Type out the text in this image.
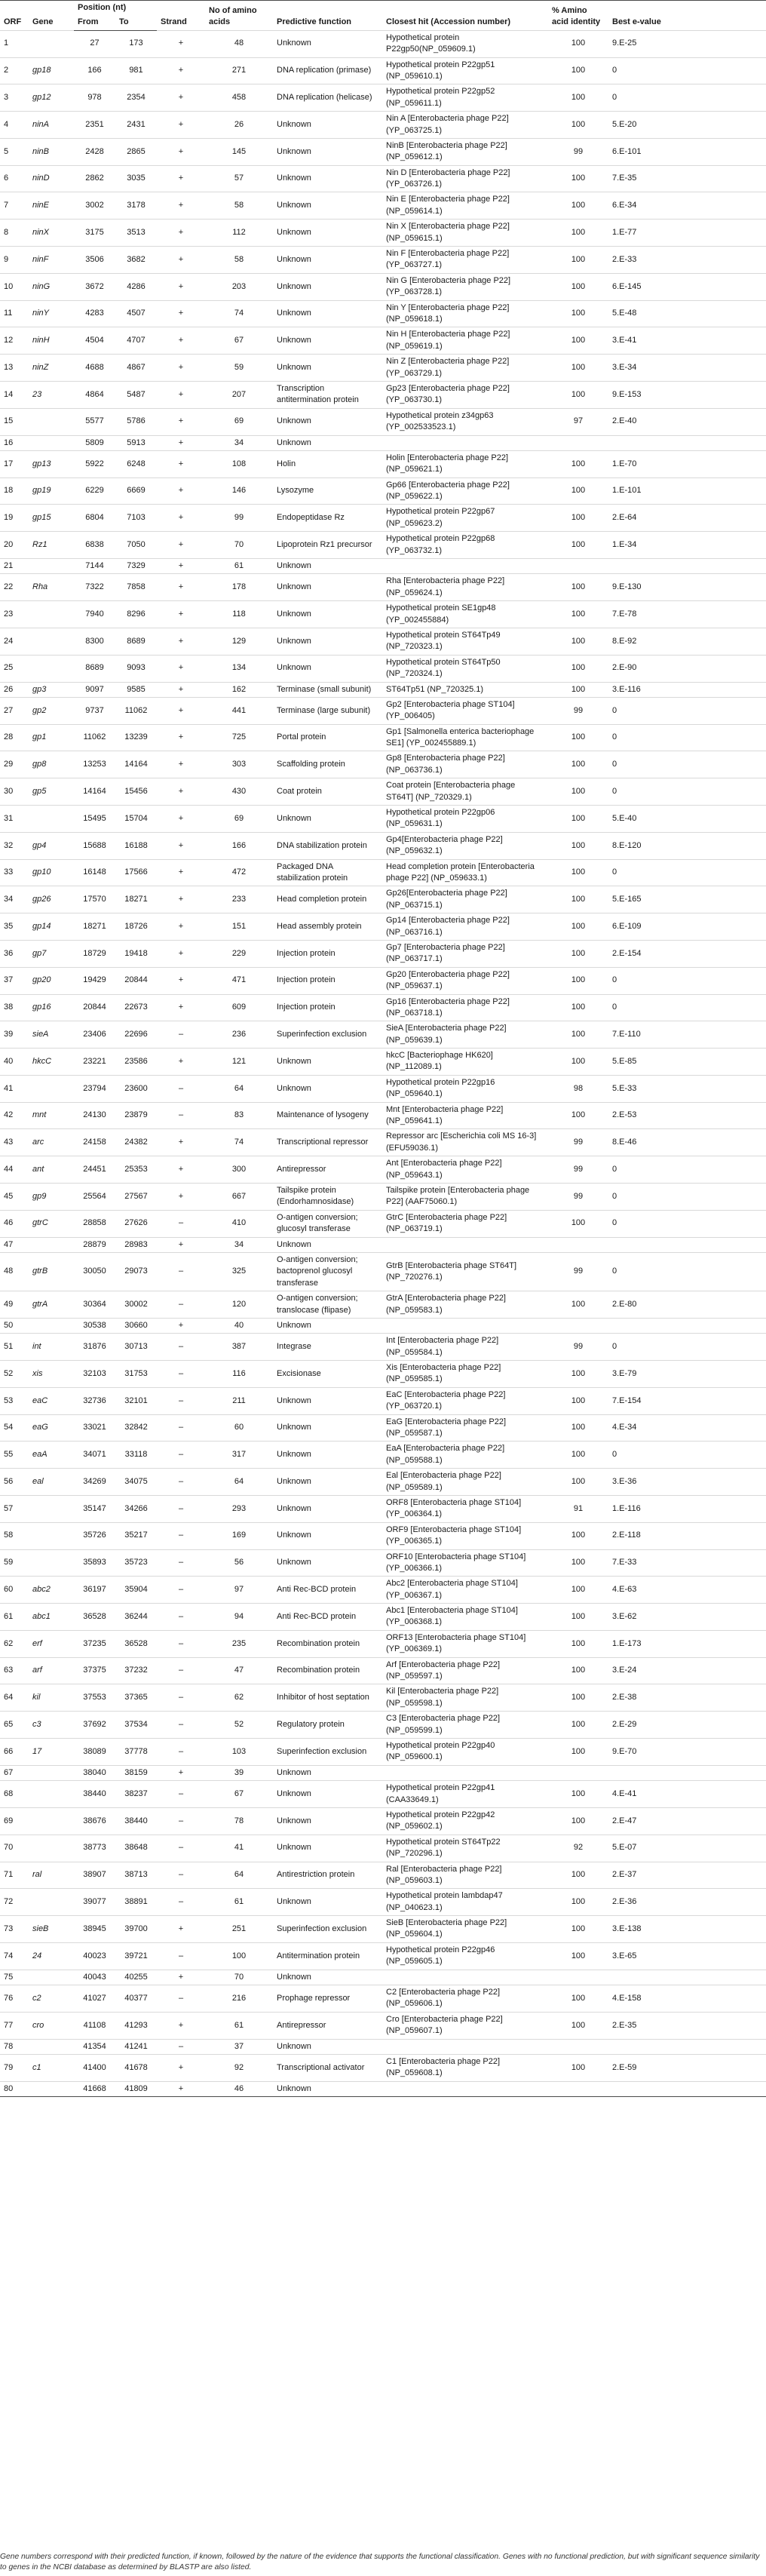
ORF	Gene	Position (nt)		Strand	No of amino acids	Predictive function	Closest hit (Accession number)	% Amino acid identity	Best e-value
		From	To						
1		27	173	+	48	Unknown	Hypothetical protein P22gp50(NP_059609.1)	100	9.E-25
2	gp18	166	981	+	271	DNA replication (primase)	Hypothetical protein P22gp51 (NP_059610.1)	100	0
3	gp12	978	2354	+	458	DNA replication (helicase)	Hypothetical protein P22gp52 (NP_059611.1)	100	0
4	ninA	2351	2431	+	26	Unknown	Nin A [Enterobacteria phage P22] (YP_063725.1)	100	5.E-20
5	ninB	2428	2865	+	145	Unknown	NinB [Enterobacteria phage P22] (NP_059612.1)	99	6.E-101
6	ninD	2862	3035	+	57	Unknown	Nin D [Enterobacteria phage P22] (YP_063726.1)	100	7.E-35
7	ninE	3002	3178	+	58	Unknown	Nin E [Enterobacteria phage P22] (NP_059614.1)	100	6.E-34
8	ninX	3175	3513	+	112	Unknown	Nin X [Enterobacteria phage P22] (NP_059615.1)	100	1.E-77
9	ninF	3506	3682	+	58	Unknown	Nin F [Enterobacteria phage P22] (YP_063727.1)	100	2.E-33
10	ninG	3672	4286	+	203	Unknown	Nin G [Enterobacteria phage P22] (YP_063728.1)	100	6.E-145
11	ninY	4283	4507	+	74	Unknown	Nin Y [Enterobacteria phage P22] (NP_059618.1)	100	5.E-48
12	ninH	4504	4707	+	67	Unknown	Nin H [Enterobacteria phage P22] (NP_059619.1)	100	3.E-41
13	ninZ	4688	4867	+	59	Unknown	Nin Z [Enterobacteria phage P22] (YP_063729.1)	100	3.E-34
14	23	4864	5487	+	207	Transcription antitermination protein	Gp23 [Enterobacteria phage P22] (YP_063730.1)	100	9.E-153
15		5577	5786	+	69	Unknown	Hypothetical protein z34gp63 (YP_002533523.1)	97	2.E-40
16		5809	5913	+	34	Unknown			
17	gp13	5922	6248	+	108	Holin	Holin [Enterobacteria phage P22] (NP_059621.1)	100	1.E-70
18	gp19	6229	6669	+	146	Lysozyme	Gp66 [Enterobacteria phage P22] (NP_059622.1)	100	1.E-101
19	gp15	6804	7103	+	99	Endopeptidase Rz	Hypothetical protein P22gp67 (NP_059623.2)	100	2.E-64
20	Rz1	6838	7050	+	70	Lipoprotein Rz1 precursor	Hypothetical protein P22gp68 (YP_063732.1)	100	1.E-34
21		7144	7329	+	61	Unknown			
22	Rha	7322	7858	+	178	Unknown	Rha [Enterobacteria phage P22] (NP_059624.1)	100	9.E-130
23		7940	8296	+	118	Unknown	Hypothetical protein SE1gp48 (YP_002455884)	100	7.E-78
24		8300	8689	+	129	Unknown	Hypothetical protein ST64Tp49 (NP_720323.1)	100	8.E-92
25		8689	9093	+	134	Unknown	Hypothetical protein ST64Tp50 (NP_720324.1)	100	2.E-90
26	gp3	9097	9585	+	162	Terminase (small subunit)	ST64Tp51 (NP_720325.1)	100	3.E-116
27	gp2	9737	11062	+	441	Terminase (large subunit)	Gp2 [Enterobacteria phage ST104] (YP_006405)	99	0
28	gp1	11062	13239	+	725	Portal protein	Gp1 [Salmonella enterica bacteriophage SE1] (YP_002455889.1)	100	0
29	gp8	13253	14164	+	303	Scaffolding protein	Gp8 [Enterobacteria phage P22] (NP_063736.1)	100	0
30	gp5	14164	15456	+	430	Coat protein	Coat protein [Enterobacteria phage ST64T] (NP_720329.1)	100	0
31		15495	15704	+	69	Unknown	Hypothetical protein P22gp06 (NP_059631.1)	100	5.E-40
32	gp4	15688	16188	+	166	DNA stabilization protein	Gp4[Enterobacteria phage P22] (NP_059632.1)	100	8.E-120
33	gp10	16148	17566	+	472	Packaged DNA stabilization protein	Head completion protein [Enterobacteria phage P22] (NP_059633.1)	100	0
34	gp26	17570	18271	+	233	Head completion protein	Gp26[Enterobacteria phage P22] (NP_063715.1)	100	5.E-165
35	gp14	18271	18726	+	151	Head assembly protein	Gp14 [Enterobacteria phage P22] (NP_063716.1)	100	6.E-109
36	gp7	18729	19418	+	229	Injection protein	Gp7 [Enterobacteria phage P22] (NP_063717.1)	100	2.E-154
37	gp20	19429	20844	+	471	Injection protein	Gp20 [Enterobacteria phage P22] (NP_059637.1)	100	0
38	gp16	20844	22673	+	609	Injection protein	Gp16 [Enterobacteria phage P22] (NP_063718.1)	100	0
39	sieA	23406	22696	–	236	Superinfection exclusion	SieA [Enterobacteria phage P22] (NP_059639.1)	100	7.E-110
40	hkcC	23221	23586	+	121	Unknown	hkcC [Bacteriophage HK620] (NP_112089.1)	100	5.E-85
41		23794	23600	–	64	Unknown	Hypothetical protein P22gp16 (NP_059640.1)	98	5.E-33
42	mnt	24130	23879	–	83	Maintenance of lysogeny	Mnt [Enterobacteria phage P22] (NP_059641.1)	100	2.E-53
43	arc	24158	24382	+	74	Transcriptional repressor	Repressor arc [Escherichia coli MS 16-3] (EFU59036.1)	99	8.E-46
44	ant	24451	25353	+	300	Antirepressor	Ant [Enterobacteria phage P22] (NP_059643.1)	99	0
45	gp9	25564	27567	+	667	Tailspike protein (Endorhamnosidase)	Tailspike protein [Enterobacteria phage P22] (AAF75060.1)	99	0
46	gtrC	28858	27626	–	410	O-antigen conversion; glucosyl transferase	GtrC [Enterobacteria phage P22] (NP_063719.1)	100	0
47		28879	28983	+	34	Unknown			
48	gtrB	30050	29073	–	325	O-antigen conversion; bactoprenol glucosyl transferase	GtrB [Enterobacteria phage ST64T] (NP_720276.1)	99	0
49	gtrA	30364	30002	–	120	O-antigen conversion; translocase (flipase)	GtrA [Enterobacteria phage P22] (NP_059583.1)	100	2.E-80
50		30538	30660	+	40	Unknown			
51	int	31876	30713	–	387	Integrase	Int [Enterobacteria phage P22] (NP_059584.1)	99	0
52	xis	32103	31753	–	116	Excisionase	Xis [Enterobacteria phage P22] (NP_059585.1)	100	3.E-79
53	eaC	32736	32101	–	211	Unknown	EaC [Enterobacteria phage P22] (YP_063720.1)	100	7.E-154
54	eaG	33021	32842	–	60	Unknown	EaG [Enterobacteria phage P22] (NP_059587.1)	100	4.E-34
55	eaA	34071	33118	–	317	Unknown	EaA [Enterobacteria phage P22] (NP_059588.1)	100	0
56	eal	34269	34075	–	64	Unknown	Eal [Enterobacteria phage P22] (NP_059589.1)	100	3.E-36
57		35147	34266	–	293	Unknown	ORF8 [Enterobacteria phage ST104] (YP_006364.1)	91	1.E-116
58		35726	35217	–	169	Unknown	ORF9 [Enterobacteria phage ST104] (YP_006365.1)	100	2.E-118
59		35893	35723	–	56	Unknown	ORF10 [Enterobacteria phage ST104] (YP_006366.1)	100	7.E-33
60	abc2	36197	35904	–	97	Anti Rec-BCD protein	Abc2 [Enterobacteria phage ST104] (YP_006367.1)	100	4.E-63
61	abc1	36528	36244	–	94	Anti Rec-BCD protein	Abc1 [Enterobacteria phage ST104] (YP_006368.1)	100	3.E-62
62	erf	37235	36528	–	235	Recombination protein	ORF13 [Enterobacteria phage ST104] (YP_006369.1)	100	1.E-173
63	arf	37375	37232	–	47	Recombination protein	Arf [Enterobacteria phage P22] (NP_059597.1)	100	3.E-24
64	kil	37553	37365	–	62	Inhibitor of host septation	Kil [Enterobacteria phage P22] (NP_059598.1)	100	2.E-38
65	c3	37692	37534	–	52	Regulatory protein	C3 [Enterobacteria phage P22] (NP_059599.1)	100	2.E-29
66	17	38089	37778	–	103	Superinfection exclusion	Hypothetical protein P22gp40 (NP_059600.1)	100	9.E-70
67		38040	38159	+	39	Unknown			
68		38440	38237	–	67	Unknown	Hypothetical protein P22gp41 (CAA33649.1)	100	4.E-41
69		38676	38440	–	78	Unknown	Hypothetical protein P22gp42 (NP_059602.1)	100	2.E-47
70		38773	38648	–	41	Unknown	Hypothetical protein ST64Tp22 (NP_720296.1)	92	5.E-07
71	ral	38907	38713	–	64	Antirestriction protein	Ral [Enterobacteria phage P22] (NP_059603.1)	100	2.E-37
72		39077	38891	–	61	Unknown	Hypothetical protein lambdap47 (NP_040623.1)	100	2.E-36
73	sieB	38945	39700	+	251	Superinfection exclusion	SieB [Enterobacteria phage P22] (NP_059604.1)	100	3.E-138
74	24	40023	39721	–	100	Antitermination protein	Hypothetical protein P22gp46 (NP_059605.1)	100	3.E-65
75		40043	40255	+	70	Unknown			
76	c2	41027	40377	–	216	Prophage repressor	C2 [Enterobacteria phage P22] (NP_059606.1)	100	4.E-158
77	cro	41108	41293	+	61	Antirepressor	Cro [Enterobacteria phage P22] (NP_059607.1)	100	2.E-35
78		41354	41241	–	37	Unknown			
79	c1	41400	41678	+	92	Transcriptional activator	C1 [Enterobacteria phage P22] (NP_059608.1)	100	2.E-59
80		41668	41809	+	46	Unknown			
Gene numbers correspond with their predicted function, if known, followed by the nature of the evidence that supports the functional classification. Genes with no functional prediction, but with significant sequence similarity to genes in the NCBI database as determined by BLASTP are also listed.
